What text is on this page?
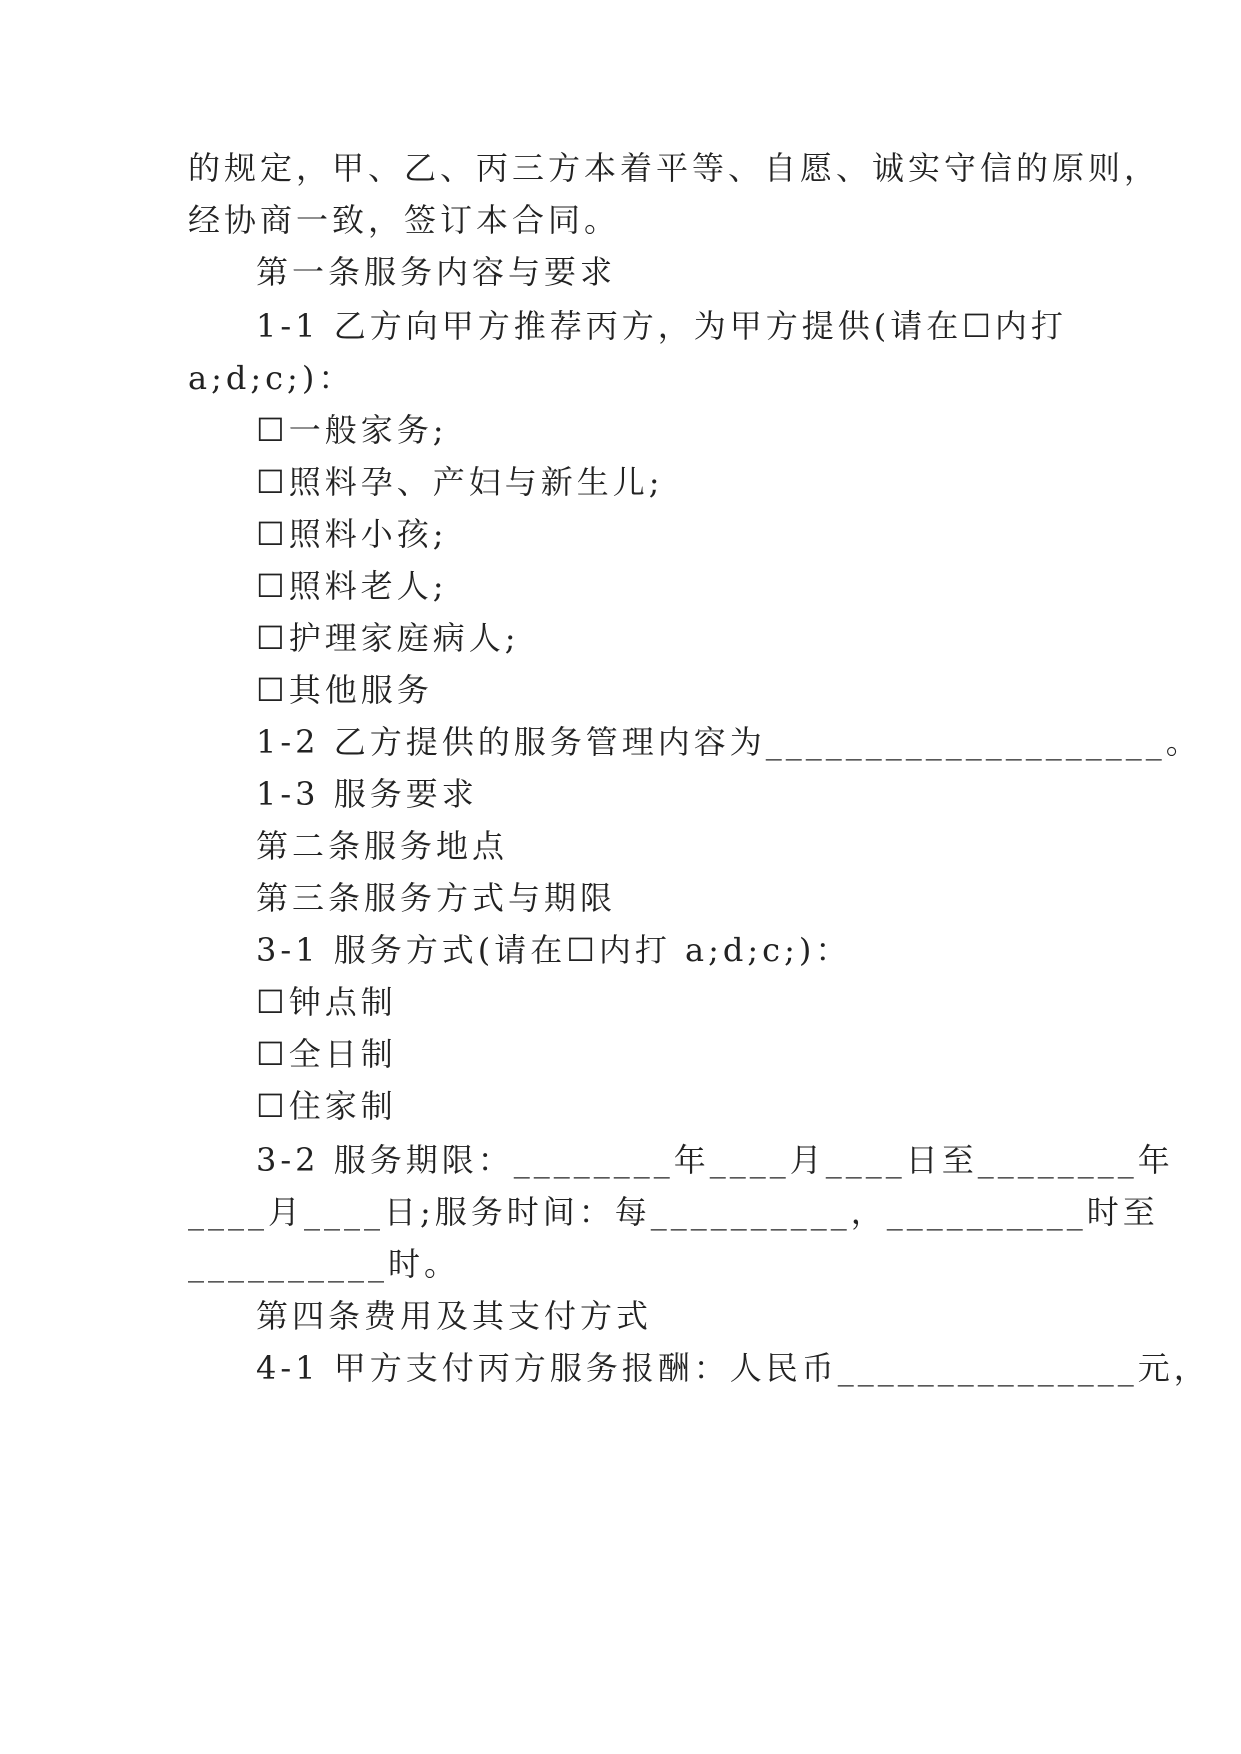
的规定，甲、乙、丙三方本着平等、自愿、诚实守信的原则，
经协商一致，签订本合同。
第一条服务内容与要求
1-1 乙方向甲方推荐丙方，为甲方提供(请在☐内打
a;d;c;)：
☐一般家务;
☐照料孕、产妇与新生儿;
☐照料小孩;
☐照料老人;
☐护理家庭病人;
☐其他服务
1-2 乙方提供的服务管理内容为____________________。
1-3 服务要求
第二条服务地点
第三条服务方式与期限
3-1 服务方式(请在☐内打 a;d;c;)：
☐钟点制
☐全日制
☐住家制
3-2 服务期限：________年____月____日至________年
____月____日;服务时间：每__________，__________时至
__________时。
第四条费用及其支付方式
4-1 甲方支付丙方服务报酬：人民币_______________元，
